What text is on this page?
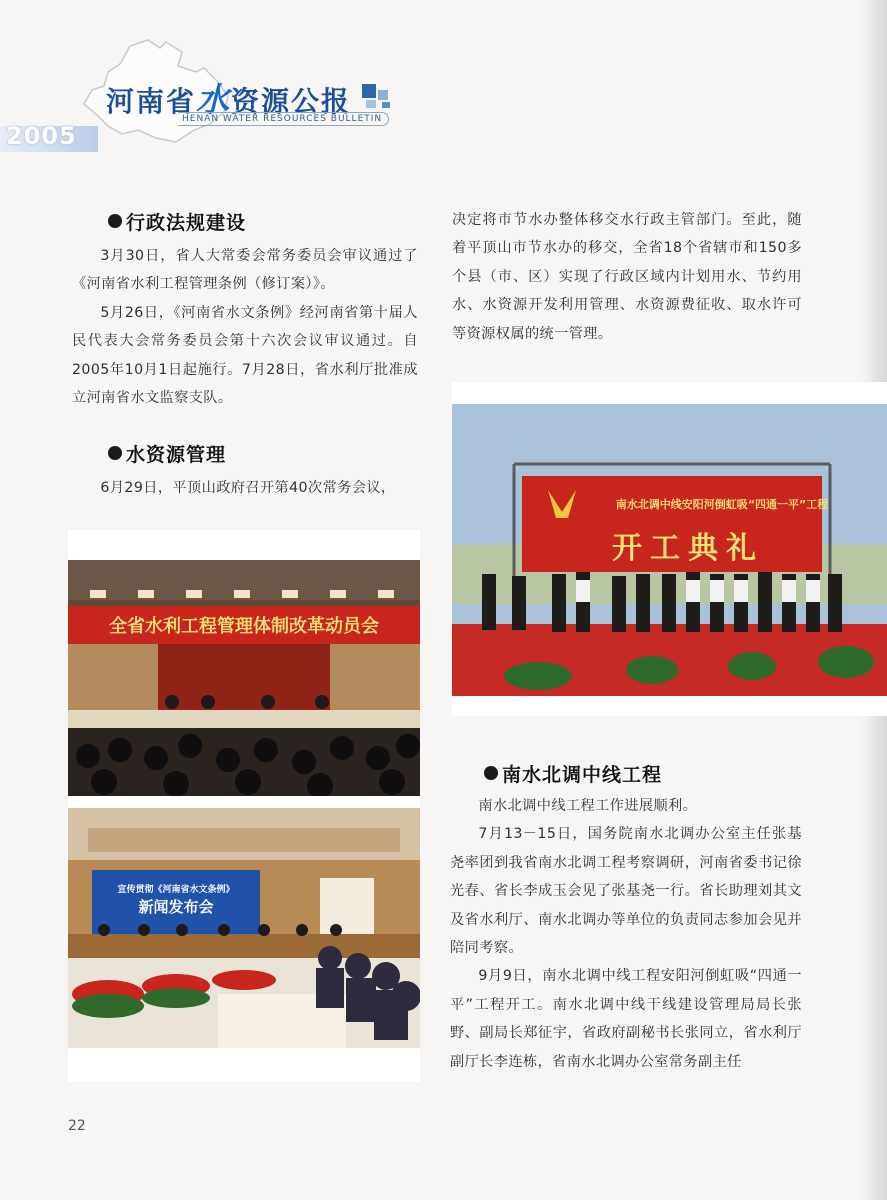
2005
河南省水资源公报
HENAN WATER RESOURCES BULLETIN
行政法规建设

3月30日，省人大常委会常务委员会审议通过了《河南省水利工程管理条例（修订案）》。

5月26日，《河南省水文条例》经河南省第十届人民代表大会常务委员会第十六次会议审议通过。自2005年10月1日起施行。7月28日，省水利厅批准成立河南省水文监察支队。

水资源管理

6月29日，平顶山政府召开第40次常务会议，

全省水利工程管理体制改革动员会
宣传贯彻《河南省水文条例》
新闻发布会

决定将市节水办整体移交水行政主管部门。至此，随着平顶山市节水办的移交，全省18个省辖市和150多个县（市、区）实现了行政区域内计划用水、节约用水、水资源开发利用管理、水资源费征收、取水许可等资源权属的统一管理。

南水北调中线安阳河倒虹吸“四通一平”工程
开工典礼
南水北调中线工程

南水北调中线工程工作进展顺利。

7月13－15日，国务院南水北调办公室主任张基尧率团到我省南水北调工程考察调研，河南省委书记徐光春、省长李成玉会见了张基尧一行。省长助理刘其文及省水利厅、南水北调办等单位的负责同志参加会见并陪同考察。

9月9日，南水北调中线工程安阳河倒虹吸“四通一平”工程开工。南水北调中线干线建设管理局局长张野、副局长郑征宇，省政府副秘书长张同立，省水利厅副厅长李连栋，省南水北调办公室常务副主任

22
